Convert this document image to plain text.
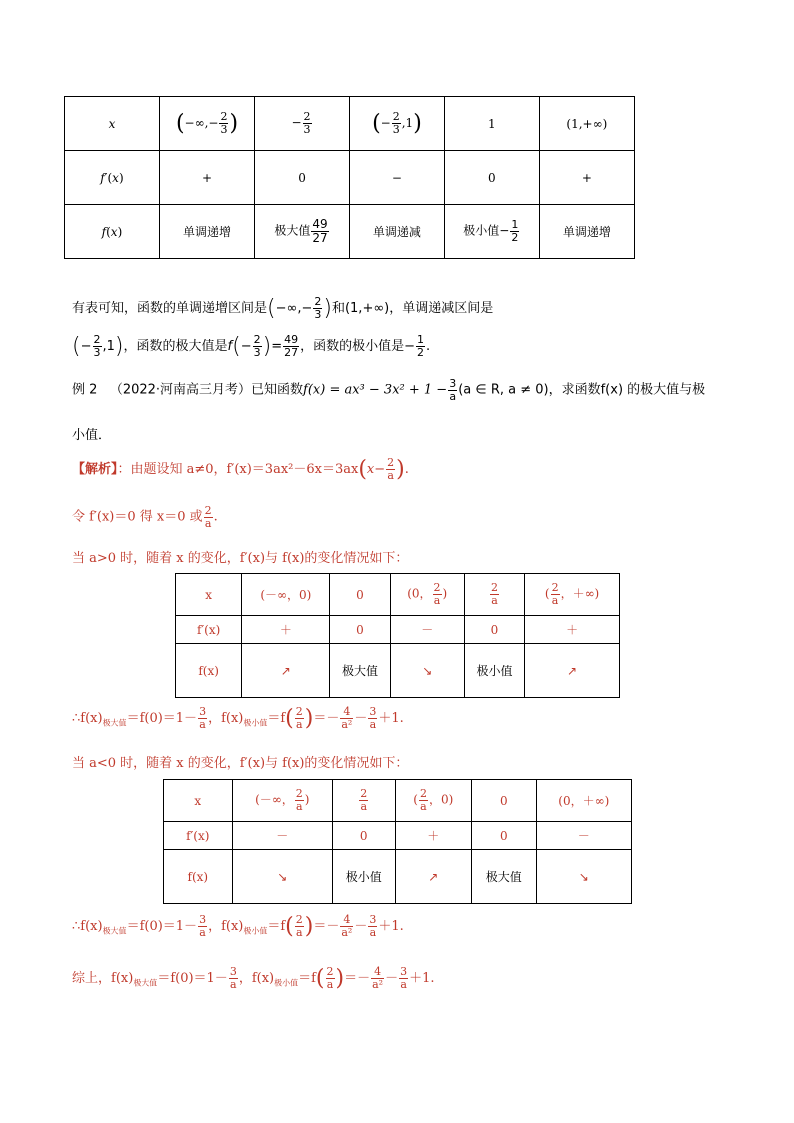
x	(−∞,− $\frac{2}{3}$ )	− $\frac{2}{3}$	(− $\frac{2}{3} ,1$)	1	(1,+∞)
f′(x)	+	0	−	0	+
f(x)	单调递增	极大值 $\frac{49}{27}$	单调递减	极小值− $\frac{1}{2}$	单调递增
有表可知，函数的单调递增区间是(−∞,− $\frac{2}{3}$ )和(1,+∞)，单调递减区间是
(− $\frac{2}{3} ,1$)，函数的极大值是$f(- \frac{2}{3}$ )= $\frac{49}{27}$ ，函数的极小值是− $\frac{1}{2}$ .
例 2 （2022·河南高三月考）已知函数$f(x) = ax^3 - 3x^2 + 1 - \frac{3}{a} (a$ ∈ R, a ≠ 0)，求函数f(x) 的极大值与极
小值．
【解析】：由题设知 a≠0，$f'(x)=3ax^2-6x=3ax(x- \frac{2}{a}$ ).
令 f′(x)＝0 得 x＝0 或 $\frac{2}{a}$ .
当 a>0 时，随着 x 的变化，f′(x)与 f(x)的变化情况如下：
x	(－∞，0)	0	(0， $\frac{2}{a}$ )	$\frac{2}{a}$	( $\frac{2}{a}$ ，＋∞)
f′(x)	＋	0	－	0	＋
f(x)	↗	极大值	↘	极小值	↗
$\therefore f(x)_{极大值}=f(0)=1- \frac{3}{a}$ ，$f(x)_{极小值}=f( \frac{2}{a}$ )＝－ $\frac{4}{\text{a²}} - \frac{3}{a} +1$.
当 a<0 时，随着 x 的变化，f′(x)与 f(x)的变化情况如下：
x	(－∞， $\frac{2}{a}$ )	$\frac{2}{a}$	( $\frac{2}{a}$ ，0)	0	(0，＋∞)
f′(x)	－	0	＋	0	－
f(x)	↘	极小值	↗	极大值	↘
$\therefore f(x)_{极大值}=f(0)=1- \frac{3}{a}$ ，$f(x)_{极小值}=f( \frac{2}{a}$ )＝－ $\frac{4}{\text{a²}} - \frac{3}{a} +1$.
综上，$f(x)_{极大值}=f(0)=1- \frac{3}{a}$ ，$f(x)_{极小值}=f( \frac{2}{a}$ )＝－ $\frac{4}{\text{a²}} - \frac{3}{a} +1$.
